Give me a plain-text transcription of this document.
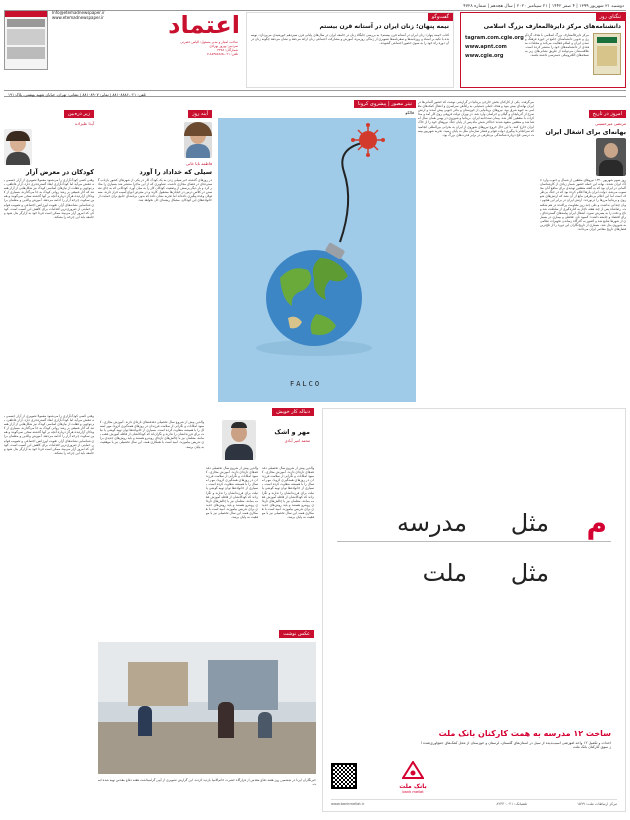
دوشنبه ۳۱ شهریور ۱۳۹۹ | ۴ صفر ۱۴۴۲ | ۲۱ سپتامبر ۲۰۲۰ | سال هجدهم | شماره ۴۷۲۸
اعتماد
Info@etemadnewspaper.ir
www.etemadnewspaper.ir
صاحب امتیاز و مدیر مسئول: الیاس حضرتی
سردبیر: بهروز بهزادی
شمارگان: ۴۳۷۸
تلفن: ۰۲۱-۸۸۳۵۵۶۸۵-۷
تلفن: ۰۲۱-۸۸۱۰۸۸۸۶ | نمابر: ۸۸۱۰۸۹۰۷ | نشانی: تهران، خیابان شهید بهشتی، پلاک ۱۹۱
تنگنای روز
دانشنامه‌های مرکز دایرةالمعارف بزرگ اسلامی
مرکز دایرةالمعارف بزرگ اسلامی با هدف گردآوری و تدوین دانشنامه‌ای جامع در حوزه فرهنگ و تمدن ایران و اسلام فعالیت می‌کند و مجلدات متعددی از دانشنامه‌های خود را منتشر کرده است. علاقه‌مندان می‌توانند از طریق نشانی‌های زیر به نسخه‌های الکترونیکی دسترسی داشته باشند.
tagram.com.cgie.org
www.apnt.com
www.cgie.org
گفت‌وگو
نیمه پنهان؛ زنان ایران در آستانه قرن بیستم
کتاب «نیمه پنهان؛ زنان ایران در آستانه قرن بیستم» به بررسی جایگاه زنان در جامعه ایران در سال‌های پایانی قرن سیزدهم خورشیدی می‌پردازد. نویسنده با تکیه بر اسناد و روزنامه‌ها و سفرنامه‌ها تصویری از زندگی روزمره، آموزش و مشارکت اجتماعی زنان ارائه می‌دهد و نشان می‌دهد چگونه زنان در آن دوره راه خود را به سوی حضور اجتماعی گشودند.
امروز در تاریخ
مرتضی میرحسینی
بهانه‌ای برای اشغال ایران
روز سوم شهریور ۱۳۲۰ نیروهای متفقین از شمال و جنوب وارد خاک ایران شدند. بهانه این حمله حضور شمار زیادی از کارشناسان آلمانی در ایران بود که به گفته متفقین تهدیدی برای منافع آنان محسوب می‌شد. دولت ایران بارها اعلام کرده بود که در جنگ بی‌طرف است اما این اعلام بی‌طرفی مانع از آن نشد که ارتش‌های شوروی و بریتانیا مرزها را درنوردند. ارتش ایران در برابر این هجوم توان چندانی نداشت و طی چند روز مقاومت پراکنده در هم شکست. رضاشاه پس از چند هفته ناچار به کناره‌گیری از سلطنت شد و تاج و تخت را به پسرش سپرد. اشغال ایران پیامدهای گسترده‌ای برای اقتصاد و جامعه داشت؛ کمبود نان، قحطی و بیماری در بسیاری از شهرها شایع شد و کشور به گذرگاه رساندن تجهیزات نظامی به شوروی بدل شد. بسیاری از تاریخ‌نگاران این دوره را از تلخ‌ترین فصل‌های تاریخ معاصر ایران می‌دانند.
می‌گرفت. یکی از کارکنان بخش خارجی بریتانیا در گزارشی نوشت که حضور آلمانی‌ها در ایران بهانه‌ای بیش نبود و هدف اصلی دستیابی به راه‌آهن سراسری و انتقال کمک‌های نظامی به جبهه شرق بود. نیروهای بریتانیایی از خوزستان و بنادر جنوبی پیش آمدند و ارتش سرخ از آذربایجان و گیلان و خراسان وارد شد. در تهران دولت فروغی روی کار آمد و مذاکرات با متفقین آغاز شد. پیمان سه‌جانبه ایران، بریتانیا و شوروی در بهمن همان سال امضا شد و متفقین متعهد شدند حداکثر شش ماه پس از پایان جنگ نیروهای خود را از خاک ایران خارج کنند. با این حال خروج نیروهای شوروی از ایران به بحرانی بین‌المللی انجامید که سرانجام با پیگیری دولت قوام و فشار سازمان ملل به پایان رسید. تجربه شهریور بیست درسی تلخ درباره شکنندگی بی‌طرفی در برابر قدرت‌های بزرگ بود.
تیتر مصور | پیشروی کرونا
فالکو
FALCO
آینه روز
فاطمه بابا خانی
سیلی که خداداد را آورد
در روزهای گذشته خبر سیلی زدن به یک کودک کار در یکی از شهرهای کشور بازتاب گسترده‌ای در فضای مجازی داشت. تصاویری که از این ماجرا منتشر شد بسیاری را متاثر کرد و بار دیگر پرسش از وضعیت کودکان کار را به میان آورد. کودکانی که به جای نشستن در کلاس درس در خیابان‌ها مشغول کارند و در معرض انواع آسیب قرار دارند. مسئولان وعده پیگیری داده‌اند اما تجربه نشان داده که بدون برنامه‌ای جامع برای حمایت از خانواده‌های این کودکان، مشکل ریشه‌ای حل نخواهد شد.
زیر ذره‌بین
آیدا علیزاده
کودکان در معرض آزار
وقتی کسی کودک‌آزاری را می‌شنود معمولا تصویری از آزار جسمی به ذهنش می‌آید اما کودک‌آزاری ابعاد گسترده‌تری دارد. آزار عاطفی، بی‌توجهی و غفلت از نیازهای اساسی کودک نیز شکل‌هایی از آزار هستند که آثار عمیقی بر رشد روانی کودک به جا می‌گذارند. بسیاری از کودکان آزاردیده هرگز درباره آنچه بر آنها گذشته سخن نمی‌گویند و همین سکوت چرخه آزار را ادامه می‌دهد. آموزش والدین و معلمان برای شناسایی نشانه‌های آزار، تقویت اورژانس اجتماعی و تصویب قوانین حمایتی از ضروری‌ترین اقدامات برای کاهش این آسیب است. کودکی که امروز آزار می‌بیند ممکن است فردا خود به آزارگر بدل شود و جامعه باید این چرخه را بشکند.
وقتی کسی کودک‌آزاری را می‌شنود معمولا تصویری از آزار جسمی به ذهنش می‌آید اما کودک‌آزاری ابعاد گسترده‌تری دارد. آزار عاطفی، بی‌توجهی و غفلت از نیازهای اساسی کودک نیز شکل‌هایی از آزار هستند که آثار عمیقی بر رشد روانی کودک به جا می‌گذارند. بسیاری از کودکان آزاردیده هرگز درباره آنچه بر آنها گذشته سخن نمی‌گویند و همین سکوت چرخه آزار را ادامه می‌دهد. آموزش والدین و معلمان برای شناسایی نشانه‌های آزار، تقویت اورژانس اجتماعی و تصویب قوانین حمایتی از ضروری‌ترین اقدامات برای کاهش این آسیب است. کودکی که امروز آزار می‌بیند ممکن است فردا خود به آزارگر بدل شود و جامعه باید این چرخه را بشکند.
دنباله کار خویش
مهر و اشک
محمد امیر آبادی
والدین پیش از شروع سال تحصیلی دغدغه‌های تازه‌ای دارند. آموزش مجازی، کمبود امکانات و نگرانی از سلامت فرزندان در روزهای همه‌گیری کرونا، مهر امسال را با همیشه متفاوت کرده است. بسیاری از خانواده‌ها توان تهیه گوشی یا تبلت برای فرزندانشان را ندارند و نگران‌اند که کودکانشان از قافله آموزش عقب بمانند. معلمان نیز با چالش‌های تازه‌ای روبه‌رو هستند و باید روش‌های جدیدی برای تدریس بیاموزند. امید است با همکاری همه، این سال تحصیلی نیز با موفقیت به پایان برسد.
والدین پیش از شروع سال تحصیلی دغدغه‌های تازه‌ای دارند. آموزش مجازی، کمبود امکانات و نگرانی از سلامت فرزندان در روزهای همه‌گیری کرونا، مهر امسال را با همیشه متفاوت کرده است. بسیاری از خانواده‌ها توان تهیه گوشی یا تبلت برای فرزندانشان را ندارند و نگران‌اند که کودکانشان از قافله آموزش عقب بمانند. معلمان نیز با چالش‌های تازه‌ای روبه‌رو هستند و باید روش‌های جدیدی برای تدریس بیاموزند. امید است با همکاری همه، این سال تحصیلی نیز با موفقیت به پایان برسد.
والدین پیش از شروع سال تحصیلی دغدغه‌های تازه‌ای دارند. آموزش مجازی، کمبود امکانات و نگرانی از سلامت فرزندان در روزهای همه‌گیری کرونا، مهر امسال را با همیشه متفاوت کرده است. بسیاری از خانواده‌ها توان تهیه گوشی یا تبلت برای فرزندانشان را ندارند و نگران‌اند که کودکانشان از قافله آموزش عقب بمانند. معلمان نیز با چالش‌های تازه‌ای روبه‌رو هستند و باید روش‌های جدیدی برای تدریس بیاموزند. امید است با همکاری همه، این سال تحصیلی نیز با موفقیت به پایان برسد.
عکس نوشت
خبرنگاران ایرنا در ششمین روز هفته دفاع مقدس از قرارگاه حضرت خاتم‌الانبیا بازدید کردند. این گزارش تصویری از آیین گرامیداشت هفته دفاع مقدس تهیه شده است.
م
مثل
مدرسه
مثل
ملت
ساخت ۱۲ مدرسه به همت کارکنان بانک ملت
احداث و تکمیل ۱۲ واحد آموزشی آسیب‌دیده از سیل در استان‌های گلستان، لرستان و خوزستان از محل کمک‌های جمع‌آوری‌شده از سوی کارکنان بانک ملت
بانک ملت
bank mellat
مرکز ارتباطات ملت: ۱۵۹۹
تلفنبانک: ۰۲۱-۸۲۳۳۰
www.bankmellat.ir
